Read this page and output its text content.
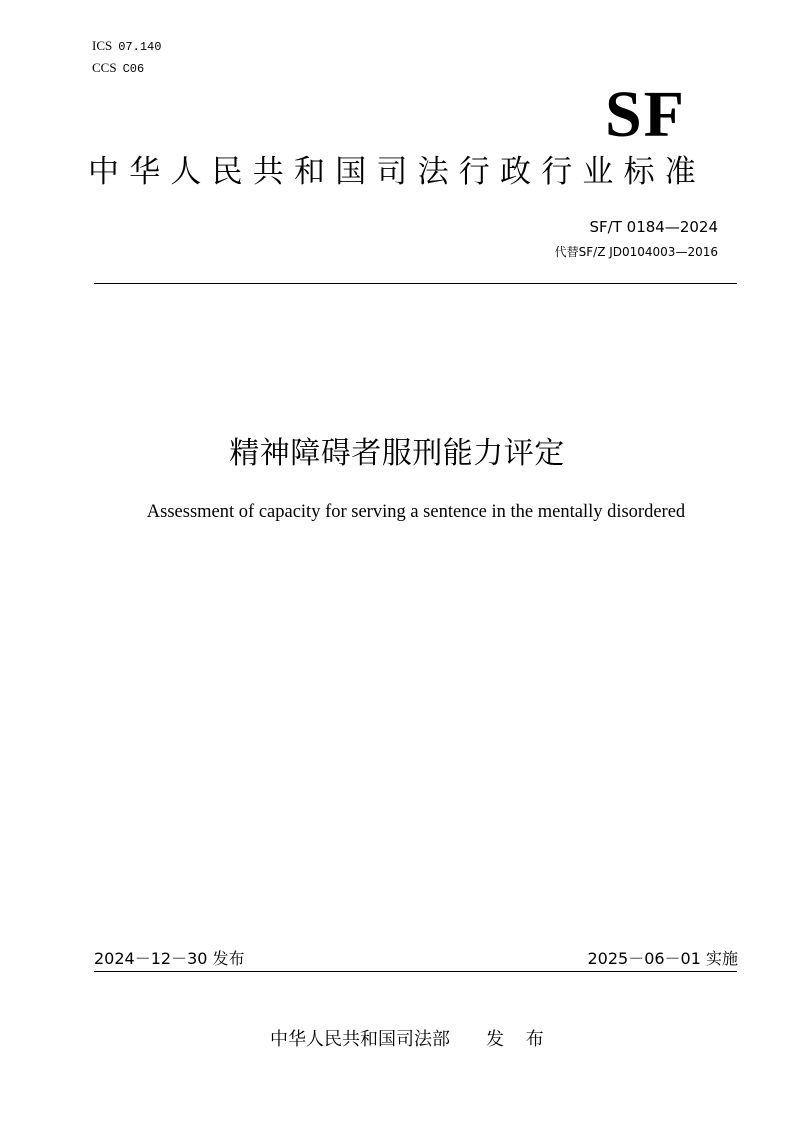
ICS 07.140
CCS C06
SF
中华人民共和国司法行政行业标准
SF/T 0184—2024
代替SF/Z JD0104003—2016
精神障碍者服刑能力评定
Assessment of capacity for serving a sentence in the mentally disordered
2024－12－30 发布	2025－06－01 实施
中华人民共和国司法部 发 布
